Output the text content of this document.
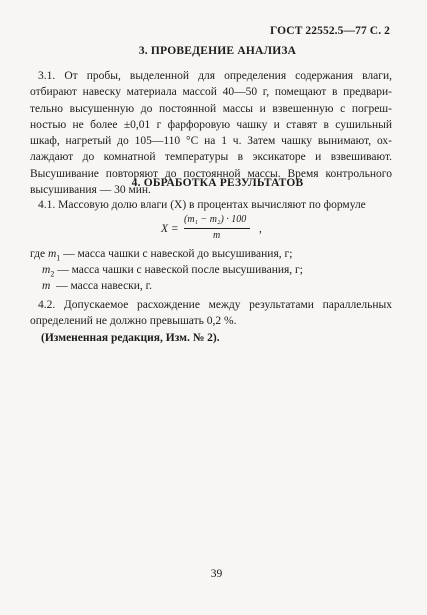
ГОСТ 22552.5—77 С. 2
3. ПРОВЕДЕНИЕ АНАЛИЗА
3.1. От пробы, выделенной для определения содержания влаги,
отбирают навеску материала массой 40—50 г, помещают в предвари-
тельно высушенную до постоянной массы и взвешенную с погреш-
ностью не более ±0,01 г фарфоровую чашку и ставят в сушильный
шкаф, нагретый до 105—110 °С на 1 ч. Затем чашку вынимают, ох-
лаждают до комнатной температуры в эксикаторе и взвешивают.
Высушивание повторяют до постоянной массы. Время контрольного
высушивания — 30 мин.
4. ОБРАБОТКА РЕЗУЛЬТАТОВ
4.1. Массовую долю влаги (X) в процентах вычисляют по формуле
X =
(m₁ − m₂) · 100
m
,
где $m_1$ — масса чашки с навеской до высушивания, г;
$m_2$ — масса чашки с навеской после высушивания, г;
m  — масса навески, г.
4.2. Допускаемое расхождение между результатами параллельных
определений не должно превышать 0,2 %.
(Измененная редакция, Изм. № 2).
39
